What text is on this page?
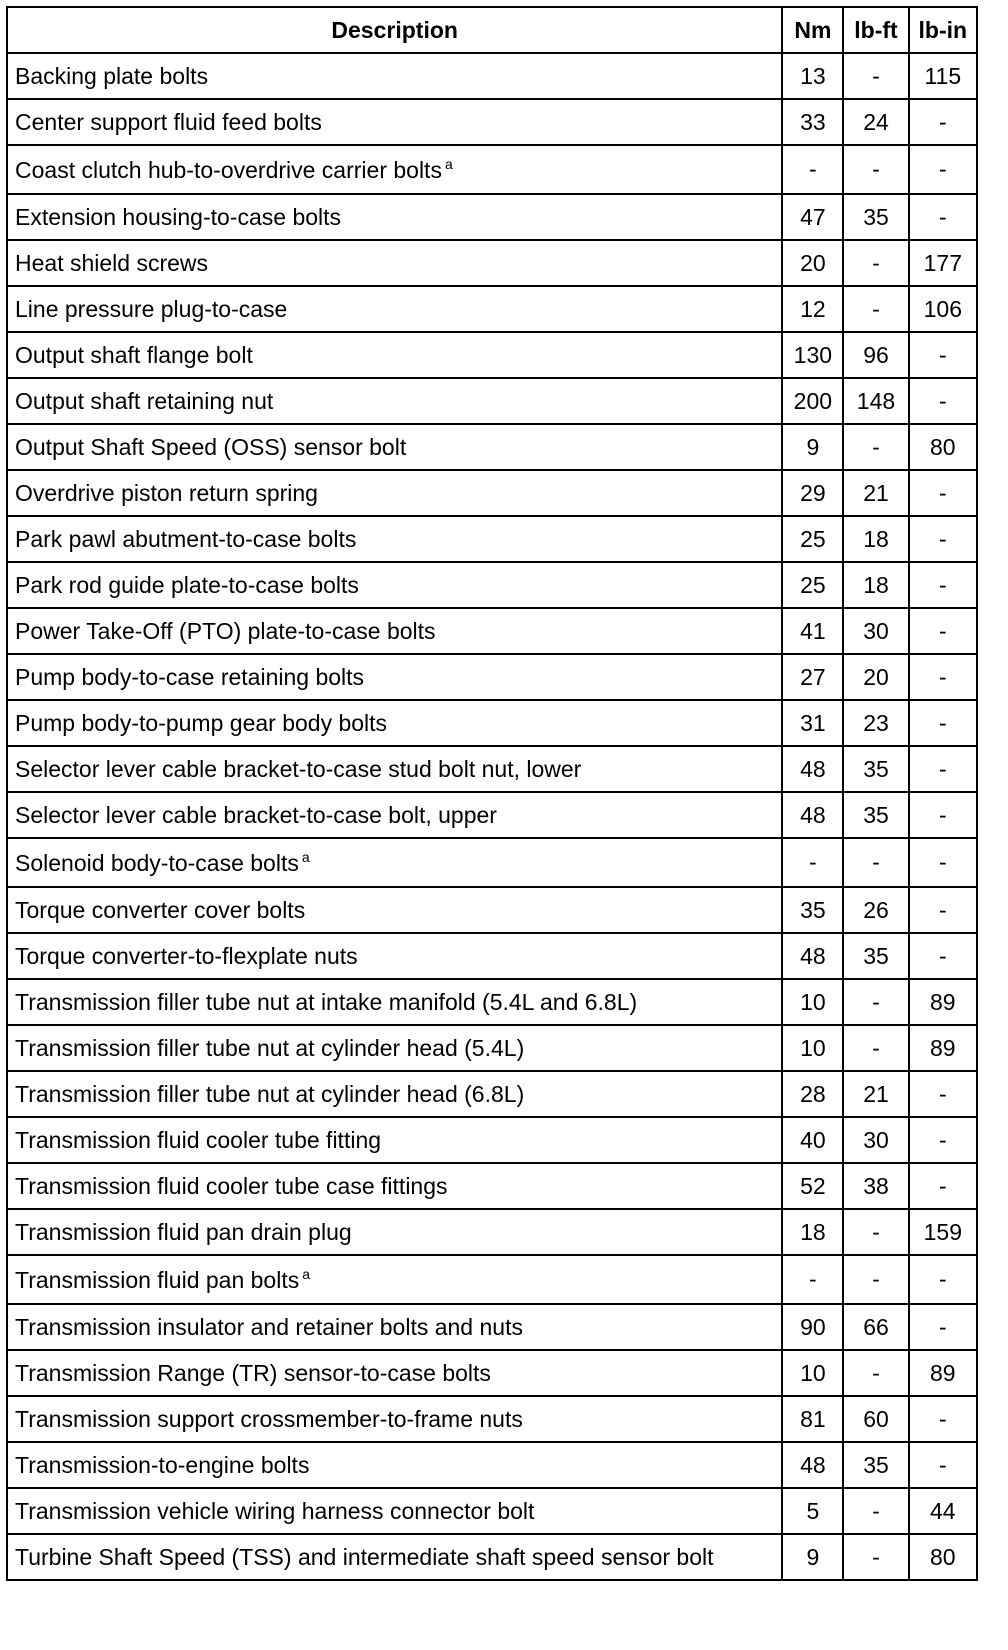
Description	Nm	lb-ft	lb-in
Backing plate bolts	13	-	115
Center support fluid feed bolts	33	24	-
Coast clutch hub-to-overdrive carrier bolts $^a$	-	-	-
Extension housing-to-case bolts	47	35	-
Heat shield screws	20	-	177
Line pressure plug-to-case	12	-	106
Output shaft flange bolt	130	96	-
Output shaft retaining nut	200	148	-
Output Shaft Speed (OSS) sensor bolt	9	-	80
Overdrive piston return spring	29	21	-
Park pawl abutment-to-case bolts	25	18	-
Park rod guide plate-to-case bolts	25	18	-
Power Take-Off (PTO) plate-to-case bolts	41	30	-
Pump body-to-case retaining bolts	27	20	-
Pump body-to-pump gear body bolts	31	23	-
Selector lever cable bracket-to-case stud bolt nut, lower	48	35	-
Selector lever cable bracket-to-case bolt, upper	48	35	-
Solenoid body-to-case bolts $^a$	-	-	-
Torque converter cover bolts	35	26	-
Torque converter-to-flexplate nuts	48	35	-
Transmission filler tube nut at intake manifold (5.4L and 6.8L)	10	-	89
Transmission filler tube nut at cylinder head (5.4L)	10	-	89
Transmission filler tube nut at cylinder head (6.8L)	28	21	-
Transmission fluid cooler tube fitting	40	30	-
Transmission fluid cooler tube case fittings	52	38	-
Transmission fluid pan drain plug	18	-	159
Transmission fluid pan bolts $^a$	-	-	-
Transmission insulator and retainer bolts and nuts	90	66	-
Transmission Range (TR) sensor-to-case bolts	10	-	89
Transmission support crossmember-to-frame nuts	81	60	-
Transmission-to-engine bolts	48	35	-
Transmission vehicle wiring harness connector bolt	5	-	44
Turbine Shaft Speed (TSS) and intermediate shaft speed sensor bolt	9	-	80
